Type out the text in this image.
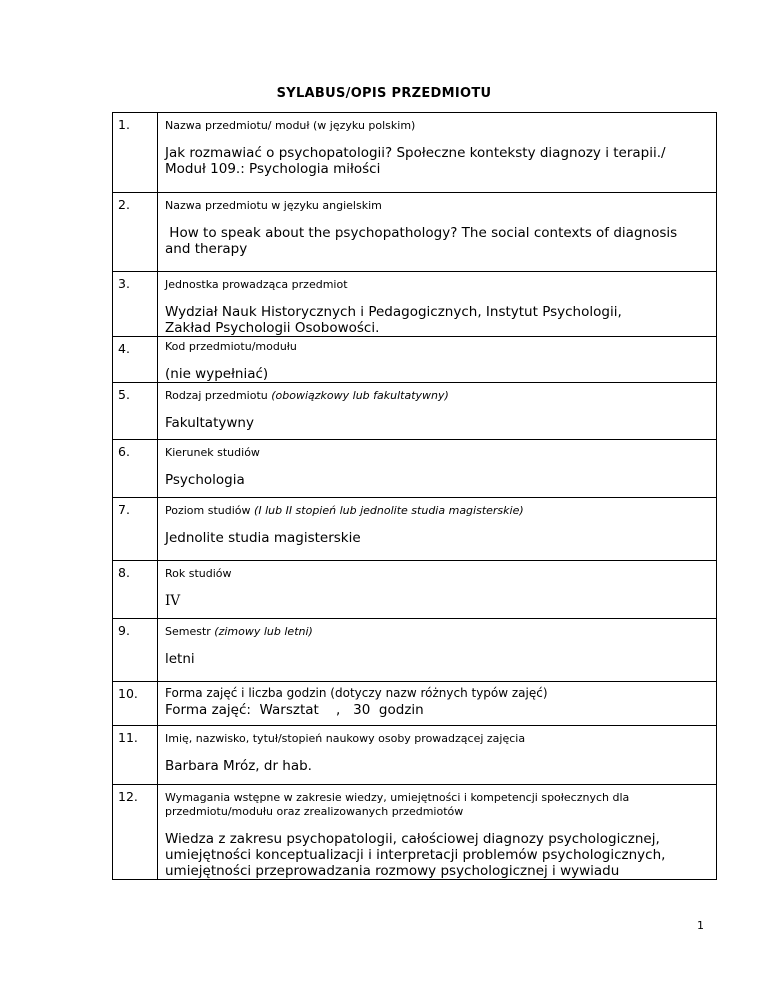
SYLABUS/OPIS PRZEDMIOTU
1.	Nazwa przedmiotu/ moduł (w języku polskim)
Jak rozmawiać o psychopatologii? Społeczne konteksty diagnozy i terapii./
Moduł 109.: Psychologia miłości

2.	Nazwa przedmiotu w języku angielskim
How to speak about the psychopathology? The social contexts of diagnosis
and therapy

3.	Jednostka prowadząca przedmiot
Wydział Nauk Historycznych i Pedagogicznych, Instytut Psychologii,
Zakład Psychologii Osobowości.

4.	Kod przedmiotu/modułu
(nie wypełniać)

5.	Rodzaj przedmiotu (obowiązkowy lub fakultatywny)
Fakultatywny

6.	Kierunek studiów
Psychologia

7.	Poziom studiów (I lub II stopień lub jednolite studia magisterskie)
Jednolite studia magisterskie

8.	Rok studiów
IV

9.	Semestr (zimowy lub letni)
letni

10.	Forma zajęć i liczba godzin (dotyczy nazw różnych typów zajęć)
Forma zajęć:  Warsztat    ,   30  godzin

11.	Imię, nazwisko, tytuł/stopień naukowy osoby prowadzącej zajęcia
Barbara Mróz, dr hab.

12.	Wymagania wstępne w zakresie wiedzy, umiejętności i kompetencji społecznych dla
przedmiotu/modułu oraz zrealizowanych przedmiotów
Wiedza z zakresu psychopatologii, całościowej diagnozy psychologicznej,
umiejętności konceptualizacji i interpretacji problemów psychologicznych,
umiejętności przeprowadzania rozmowy psychologicznej i wywiadu
1
